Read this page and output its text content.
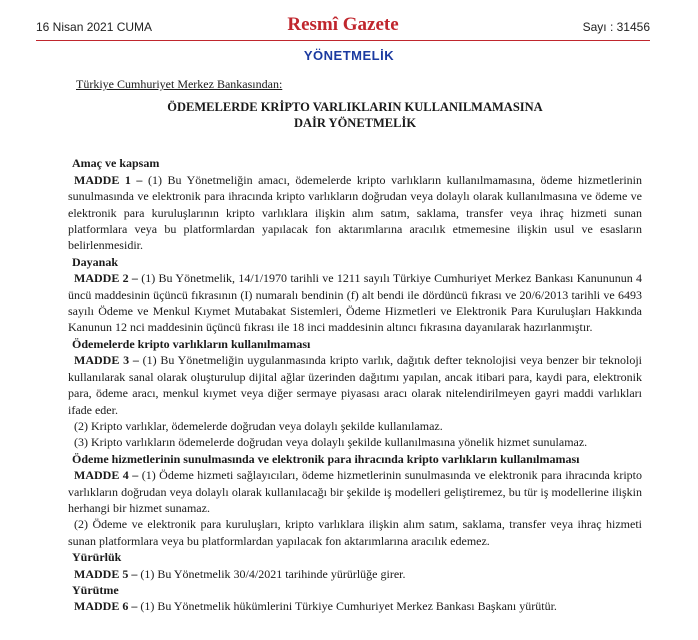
16 Nisan 2021 CUMA	Resmî Gazete	Sayı : 31456
YÖNETMELİK
Türkiye Cumhuriyet Merkez Bankasından:
ÖDEMELERDE KRİPTO VARLIKLARIN KULLANILMAMASINA
DAİR YÖNETMELİK
Amaç ve kapsam

MADDE 1 – (1) Bu Yönetmeliğin amacı, ödemelerde kripto varlıkların kullanılmamasına, ödeme hizmetlerinin sunulmasında ve elektronik para ihracında kripto varlıkların doğrudan veya dolaylı olarak kullanılmasına ve ödeme ve elektronik para kuruluşlarının kripto varlıklara ilişkin alım satım, saklama, transfer veya ihraç hizmeti sunan platformlara veya bu platformlardan yapılacak fon aktarımlarına aracılık etmemesine ilişkin usul ve esasların belirlenmesidir.

Dayanak

MADDE 2 – (1) Bu Yönetmelik, 14/1/1970 tarihli ve 1211 sayılı Türkiye Cumhuriyet Merkez Bankası Kanununun 4 üncü maddesinin üçüncü fıkrasının (I) numaralı bendinin (f) alt bendi ile dördüncü fıkrası ve 20/6/2013 tarihli ve 6493 sayılı Ödeme ve Menkul Kıymet Mutabakat Sistemleri, Ödeme Hizmetleri ve Elektronik Para Kuruluşları Hakkında Kanunun 12 nci maddesinin üçüncü fıkrası ile 18 inci maddesinin altıncı fıkrasına dayanılarak hazırlanmıştır.

Ödemelerde kripto varlıkların kullanılmaması

MADDE 3 – (1) Bu Yönetmeliğin uygulanmasında kripto varlık, dağıtık defter teknolojisi veya benzer bir teknoloji kullanılarak sanal olarak oluşturulup dijital ağlar üzerinden dağıtımı yapılan, ancak itibari para, kaydi para, elektronik para, ödeme aracı, menkul kıymet veya diğer sermaye piyasası aracı olarak nitelendirilmeyen gayri maddi varlıkları ifade eder.

(2) Kripto varlıklar, ödemelerde doğrudan veya dolaylı şekilde kullanılamaz.

(3) Kripto varlıkların ödemelerde doğrudan veya dolaylı şekilde kullanılmasına yönelik hizmet sunulamaz.

Ödeme hizmetlerinin sunulmasında ve elektronik para ihracında kripto varlıkların kullanılmaması

MADDE 4 – (1) Ödeme hizmeti sağlayıcıları, ödeme hizmetlerinin sunulmasında ve elektronik para ihracında kripto varlıkların doğrudan veya dolaylı olarak kullanılacağı bir şekilde iş modelleri geliştiremez, bu tür iş modellerine ilişkin herhangi bir hizmet sunamaz.

(2) Ödeme ve elektronik para kuruluşları, kripto varlıklara ilişkin alım satım, saklama, transfer veya ihraç hizmeti sunan platformlara veya bu platformlardan yapılacak fon aktarımlarına aracılık edemez.

Yürürlük

MADDE 5 – (1) Bu Yönetmelik 30/4/2021 tarihinde yürürlüğe girer.

Yürütme

MADDE 6 – (1) Bu Yönetmelik hükümlerini Türkiye Cumhuriyet Merkez Bankası Başkanı yürütür.
